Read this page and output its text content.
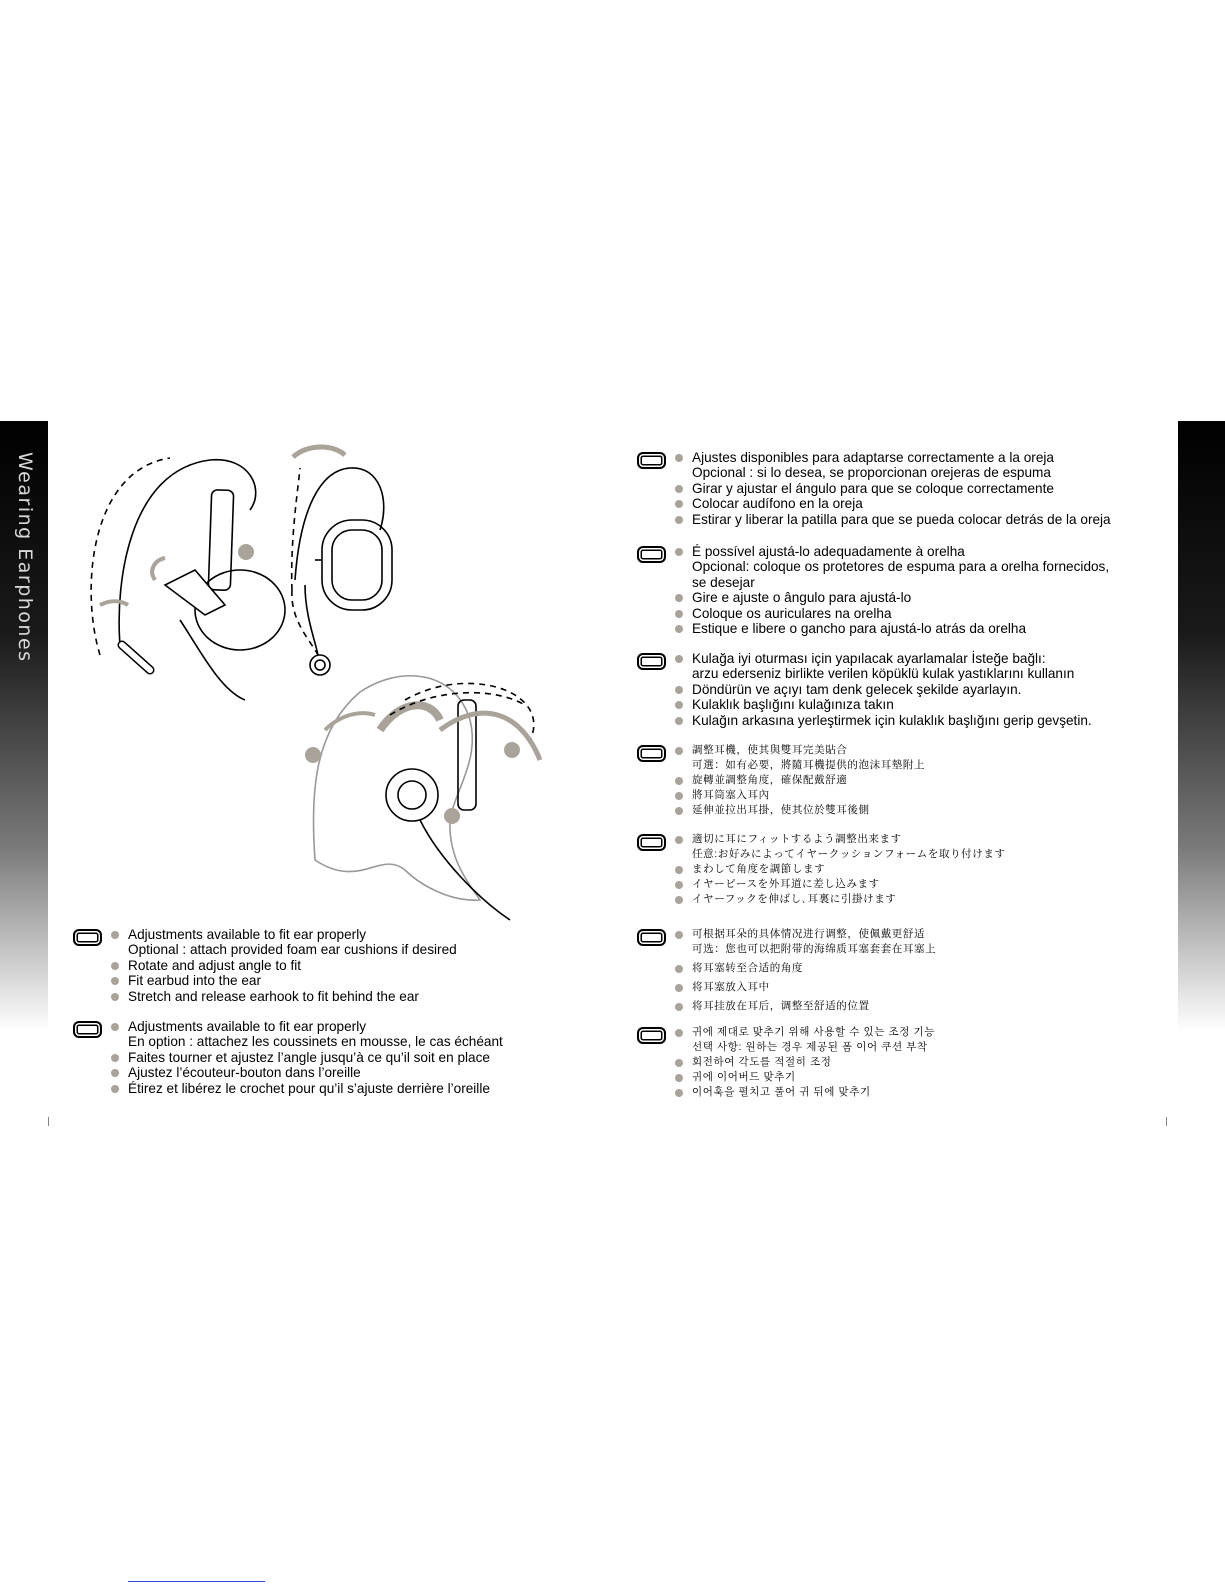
Wearing Earphones
Adjustments available to fit ear properly
Optional : attach provided foam ear cushions if desired
Rotate and adjust angle to fit
Fit earbud into the ear
Stretch and release earhook to fit behind the ear
Adjustments available to fit ear properly
En option : attachez les coussinets en mousse, le cas échéant
Faites tourner et ajustez l’angle jusqu’à ce qu’il soit en place
Ajustez l’écouteur-bouton dans l’oreille
Étirez et libérez le crochet pour qu’il s’ajuste derrière l’oreille
Ajustes disponibles para adaptarse correctamente a la oreja
Opcional : si lo desea, se proporcionan orejeras de espuma
Girar y ajustar el ángulo para que se coloque correctamente
Colocar audífono en la oreja
Estirar y liberar la patilla para que se pueda colocar detrás de la oreja
É possível ajustá-lo adequadamente à orelha
Opcional: coloque os protetores de espuma para a orelha fornecidos,
se desejar
Gire e ajuste o ângulo para ajustá-lo
Coloque os auriculares na orelha
Estique e libere o gancho para ajustá-lo atrás da orelha
Kulağa iyi oturması için yapılacak ayarlamalar İsteğe bağlı:
arzu ederseniz birlikte verilen köpüklü kulak yastıklarını kullanın
Döndürün ve açıyı tam denk gelecek şekilde ayarlayın.
Kulaklık başlığını kulağınıza takın
Kulağın arkasına yerleştirmek için kulaklık başlığını gerip gevşetin.
調整耳機，使其與雙耳完美貼合
可選：如有必要，將隨耳機提供的泡沫耳墊附上
旋轉並調整角度，確保配戴舒適
將耳筒塞入耳內
延伸並拉出耳掛，使其位於雙耳後側
適切に耳にフィットするよう調整出来ます
任意:お好みによってイヤークッションフォームを取り付けます
まわして角度を調節します
イヤーピースを外耳道に差し込みます
イヤーフックを伸ばし､耳裏に引掛けます
可根据耳朵的具体情况进行调整，使佩戴更舒适
可选：您也可以把附带的海绵质耳塞套套在耳塞上
将耳塞转至合适的角度
将耳塞放入耳中
将耳挂放在耳后，调整至舒适的位置
귀에 제대로 맞추기 위해 사용할 수 있는 조정 기능
선택 사항: 원하는 경우 제공된 폼 이어 쿠션 부착
회전하여 각도를 적절히 조정
귀에 이어버드 맞추기
이어훅을 펼치고 풀어 귀 뒤에 맞추기
